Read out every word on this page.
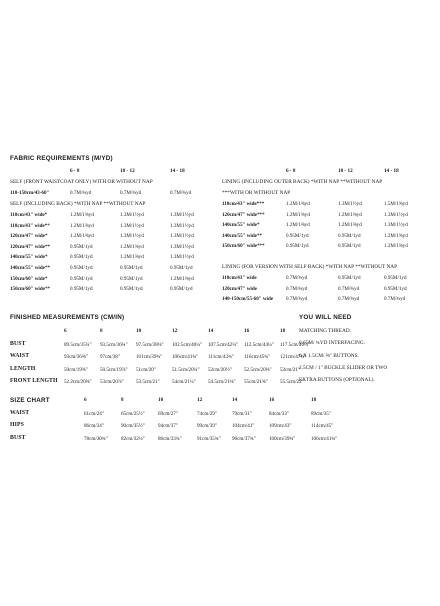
FABRIC REQUIREMENTS (M/YD)
6 - 8	10 - 12	14 - 18	6 - 8	10 - 12	14 - 18
SELF (FRONT WAISTCOAT ONLY) WITH OR WITHOUT NAP	LINING (INCLUDING OUTER BACK) *WITH NAP **WITHOUT NAP
110-150cm/43-60"	0.7M/¾yd	0.7M/¾yd	0.7M/¾yd
SELF (INCLUDING BACK) *WITH NAP **WITHOUT NAP
***WITH OR WITHOUT NAP
110cm/43" wide*	1.2M/1⅜yd	1.3M/1½yd	1.3M/1½yd
110cm/43" wide**	1.2M/1⅜yd	1.3M/1½yd	1.3M/1½yd
120cm/47" wide*	1.2M/1⅜yd	1.3M/1½yd	1.3M/1½yd
120cm/47" wide**	0.95M/1yd	1.2M/1⅜yd	1.3M/1½yd
140cm/55" wide*	0.95M/1yd	1.2M/1⅜yd	1.3M/1½yd
140cm/55" wide**	0.95M/1yd	0.95M/1yd	0.95M/1yd
150cm/60" wide*	0.95M/1yd	0.95M/1yd	1.2M/1⅜yd
150cm/60" wide**	0.95M/1yd	0.95M/1yd	0.95M/1yd
110cm/43" wide***	1.2M/1⅜yd	1.3M/1½yd	1.5M/1⅝yd
120cm/47" wide***	1.2M/1⅜yd	1.2M/1⅜yd	1.3M/1½yd
140cm/55" wide*	1.2M/1⅜yd	1.2M/1⅜yd	1.3M/1½yd
140cm/55" wide**	0.95M/1yd	0.95M/1yd	1.2M/1⅜yd
150cm/60" wide***	0.95M/1yd	0.95M/1yd	1.2M/1⅜yd
LINING (FOR VERSION WITH SELF BACK) *WITH NAP **WITHOUT NAP
110cm/43" wide	0.7M/¾yd	0.95M/1yd	0.95M/1yd
120cm/47" wide	0.7M/¾yd	0.7M/¾yd	0.95M/1yd
140-150cm/55-60" wide	0.7M/¾yd	0.7M/¾yd	0.7M/¾yd
FINISHED MEASUREMENTS (CM/IN)
6	8	10	12	14	16	18
BUST	89.5cm/35¼" 93.5cm/36¾" 97.5cm/38⅜" 102.5cm/40¼" 107.5cm/42¼" 112.5cm/44¼" 117.5cm/46¼"
WAIST	93cm/36⅝" 97cm/38"	101cm/39¾" 106cm/41¾" 111cm/43¾" 116cm/45¾" 121cm/47⅝"
LENGTH	50cm/19⅝" 50.5cm/19⅞" 51cm/20"	51.5cm/20¼" 52cm/20½" 52.5cm/20⅝" 53cm/21"
FRONT LENGTH 52.2cm/20⅝" 53cm/20⅞" 53.5cm/21" 54cm/21¼" 54.5cm/21⅜" 55cm/21⅝" 55.5cm/22"
YOU WILL NEED
MATCHING THREAD.
0.65M/ ¾YD INTERFACING.
6 X 1.5CM/ ⅝" BUTTONS.
2.5CM / 1" BUCKLE SLIDER OR TWO
EXTRA BUTTONS (OPTIONAL).
SIZE CHART	6	8	10	12	14	16	18
WAIST	61cm/24"	65cm/25½"	69cm/27"	74cm/29"	79cm/31"	84cm/33"	89cm/35"
HIPS	86cm/34"	90cm/35½"	94cm/37"	99cm/39"	104cm/41"	109cm/43"	114cm/45"
BUST	78cm/30¾"	82cm/32¼"	86cm/33¾"	91cm/35¾" 96cm/37¾"	100cm/39¾"	106cm/41¾"
